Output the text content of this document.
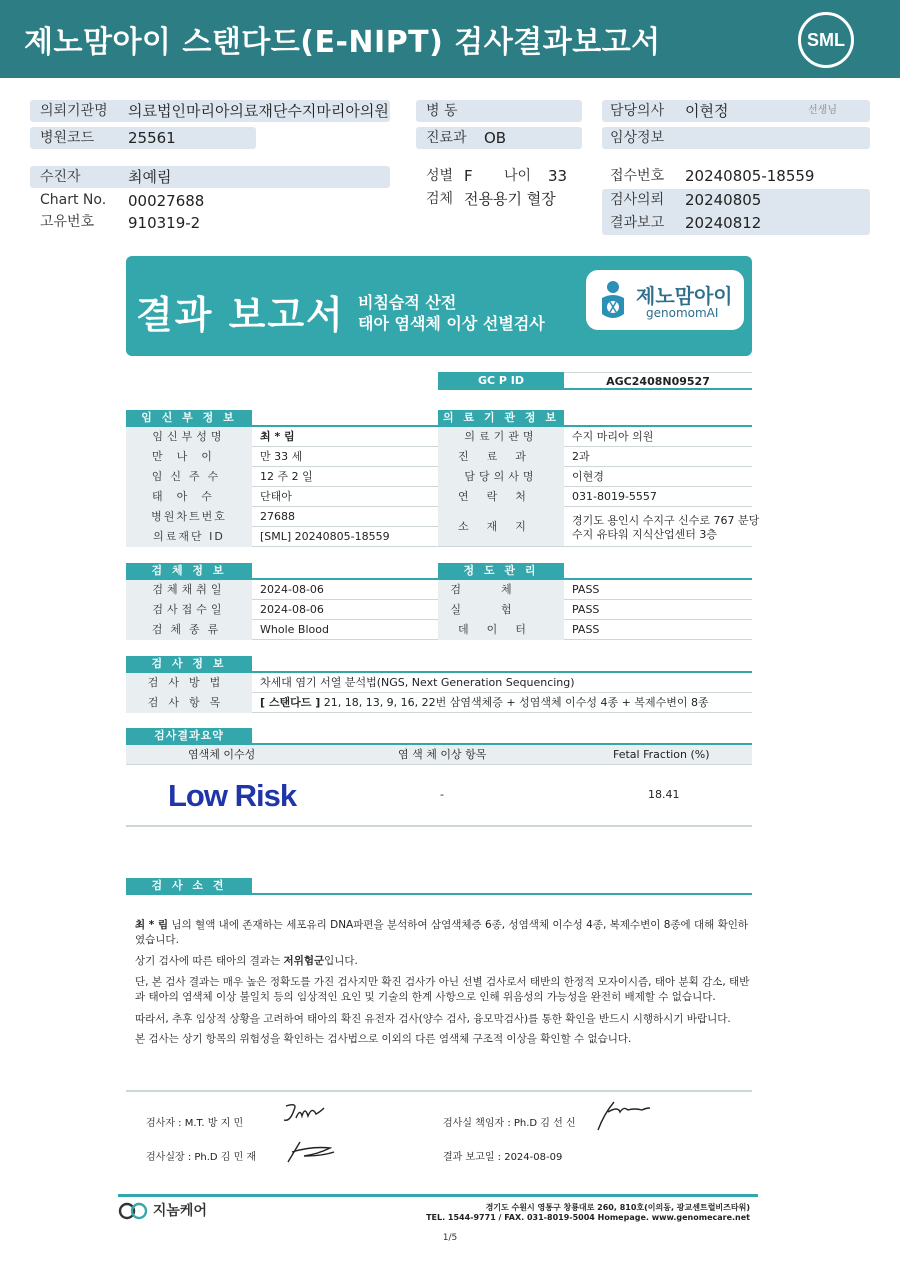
제노맘아이 스탠다드(E-NIPT) 검사결과보고서	SML
의뢰기관명 의료법인마리아의료재단수지마리아의원
병원코드 25561
병 동
진료과 OB
담당의사 이현정	선생님
임상정보
수진자	최예림
Chart No. 00027688
고유번호 910319-2
성별 F 나이 33
검체 전용용기 혈장
접수번호 20240805-18559
검사의뢰 20240805
결과보고 20240812
결과 보고서 비침습적 산전
태아 염색체 이상 선별검사
제노맘아이
genomomAI
GC P ID	AGC2408N09527
임 신 부 정 보
임신부성명	최 * 림
만나이	만 33 세
임신주수	12 주 2 일
태아수	단태아
병원차트번호	27688
의료재단 ID	[SML] 20240805-18559
의 료 기 관 정 보
의료기관명	수지 마리아 의원
진료과	2과
담당의사명	이현경
연락처	031-8019-5557
소재지	경기도 용인시 수지구 신수로 767 분당
수지 유타워 지식산업센터 3층
검 체 정 보
검체채취일	2024-08-06
검사접수일	2024-08-06
검체종류	Whole Blood
정 도 관 리
검체	PASS
실험	PASS
데이터	PASS
검 사 정 보
검사방법	차세대 염기 서열 분석법(NGS, Next Generation Sequencing)
검사항목	[ 스탠다드 ] 21, 18, 13, 9, 16, 22번 삼염색체증 + 성염색체 이수성 4종 + 복제수변이 8종
검사결과요약
염색체 이수성	염 색 체 이상 항목	Fetal Fraction (%)
Low Risk	-	18.41
검 사 소 견
최 * 림 님의 혈액 내에 존재하는 세포유리 DNA파편을 분석하여 삼염색체증 6종, 성염색체 이수성 4종, 복제수변이 8종에 대해 확인하였습니다.
상기 검사에 따른 태아의 결과는 저위험군입니다.
단, 본 검사 결과는 매우 높은 정확도를 가진 검사지만 확진 검사가 아닌 선별 검사로서 태반의 한정적 모자이시즘, 태아 분획 감소, 태반과 태아의 염색체 이상 불일치 등의 임상적인 요인 및 기술의 한계 사항으로 인해 위음성의 가능성을 완전히 배제할 수 없습니다.
따라서, 추후 임상적 상황을 고려하여 태아의 확진 유전자 검사(양수 검사, 융모막검사)를 통한 확인을 반드시 시행하시기 바랍니다.
본 검사는 상기 항목의 위험성을 확인하는 검사법으로 이외의 다른 염색체 구조적 이상을 확인할 수 없습니다.
검사자 : M.T. 방 지 민
검사실장 : Ph.D 김 민 재
검사실 책임자 : Ph.D 김 선 신
결과 보고일 : 2024-08-09
지놈케어	경기도 수원시 영통구 창룡대로 260, 810호(이의동, 광교센트럴비즈타워)
TEL. 1544-9771 / FAX. 031-8019-5004 Homepage. www.genomecare.net
1/5
